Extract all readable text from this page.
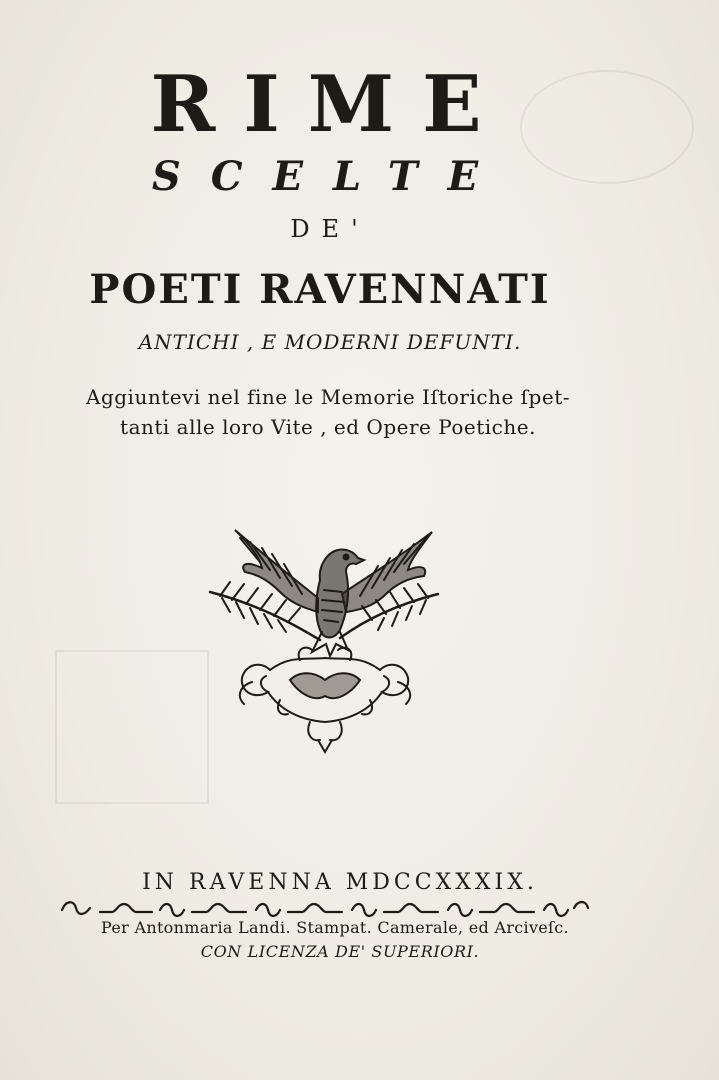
RIME
SCELTE

DE'

POETI RAVENNATI

ANTICHI , E MODERNI DEFUNTI.

Aggiuntevi nel fine le Memorie Iſtoriche ſpet-
tanti alle loro Vite , ed Opere Poetiche.

IN RAVENNA MDCCXXXIX.

Per Antonmaria Landi. Stampat. Camerale, ed Arciveſc.

CON LICENZA DE' SUPERIORI.
